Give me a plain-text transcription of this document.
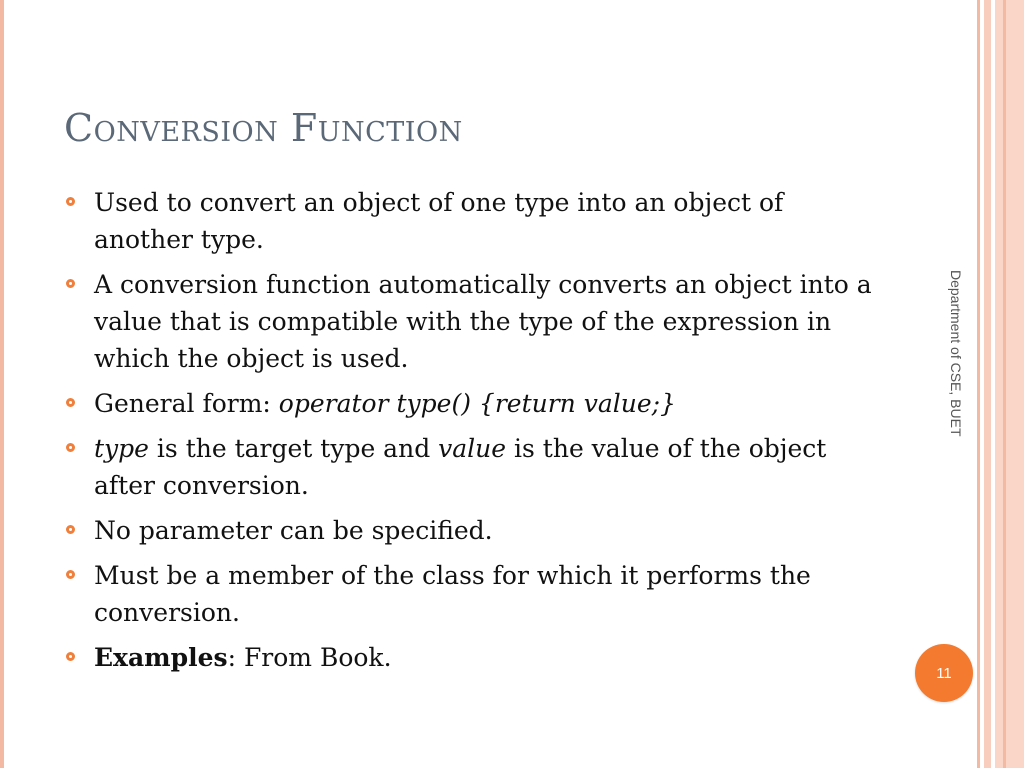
Conversion Function
Used to convert an object of one type into an object of another type.
A conversion function automatically converts an object into a value that is compatible with the type of the expression in which the object is used.
General form: operator type() {return value;}
type is the target type and value is the value of the object after conversion.
No parameter can be specified.
Must be a member of the class for which it performs the conversion.
Examples: From Book.
Department of CSE, BUET
11
